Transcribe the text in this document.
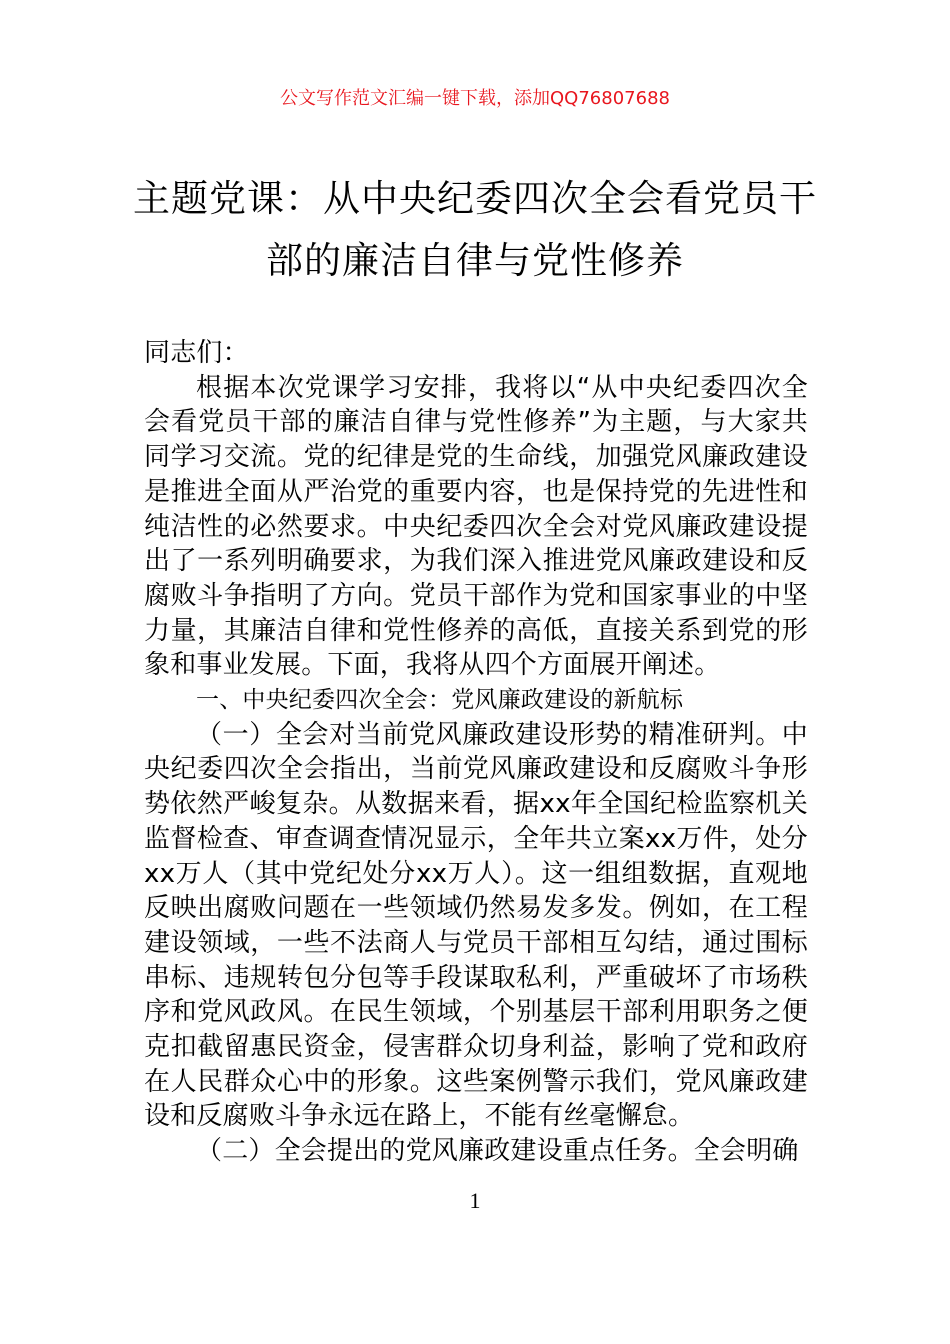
公文写作范文汇编一键下载，添加QQ76807688
主题党课：从中央纪委四次全会看党员干部的廉洁自律与党性修养

同志们：

根据本次党课学习安排，我将以“从中央纪委四次全会看党员干部的廉洁自律与党性修养”为主题，与大家共同学习交流。党的纪律是党的生命线，加强党风廉政建设是推进全面从严治党的重要内容，也是保持党的先进性和纯洁性的必然要求。中央纪委四次全会对党风廉政建设提出了一系列明确要求，为我们深入推进党风廉政建设和反腐败斗争指明了方向。党员干部作为党和国家事业的中坚力量，其廉洁自律和党性修养的高低，直接关系到党的形象和事业发展。下面，我将从四个方面展开阐述。

一、中央纪委四次全会：党风廉政建设的新航标

（一）全会对当前党风廉政建设形势的精准研判。中央纪委四次全会指出，当前党风廉政建设和反腐败斗争形势依然严峻复杂。从数据来看，据xx年全国纪检监察机关监督检查、审查调查情况显示，全年共立案xx万件，处分xx万人（其中党纪处分xx万人）。这一组组数据，直观地反映出腐败问题在一些领域仍然易发多发。例如，在工程建设领域，一些不法商人与党员干部相互勾结，通过围标串标、违规转包分包等手段谋取私利，严重破坏了市场秩序和党风政风。在民生领域，个别基层干部利用职务之便克扣截留惠民资金，侵害群众切身利益，影响了党和政府在人民群众心中的形象。这些案例警示我们，党风廉政建设和反腐败斗争永远在路上，不能有丝毫懈怠。

（二）全会提出的党风廉政建设重点任务。全会明确

1
